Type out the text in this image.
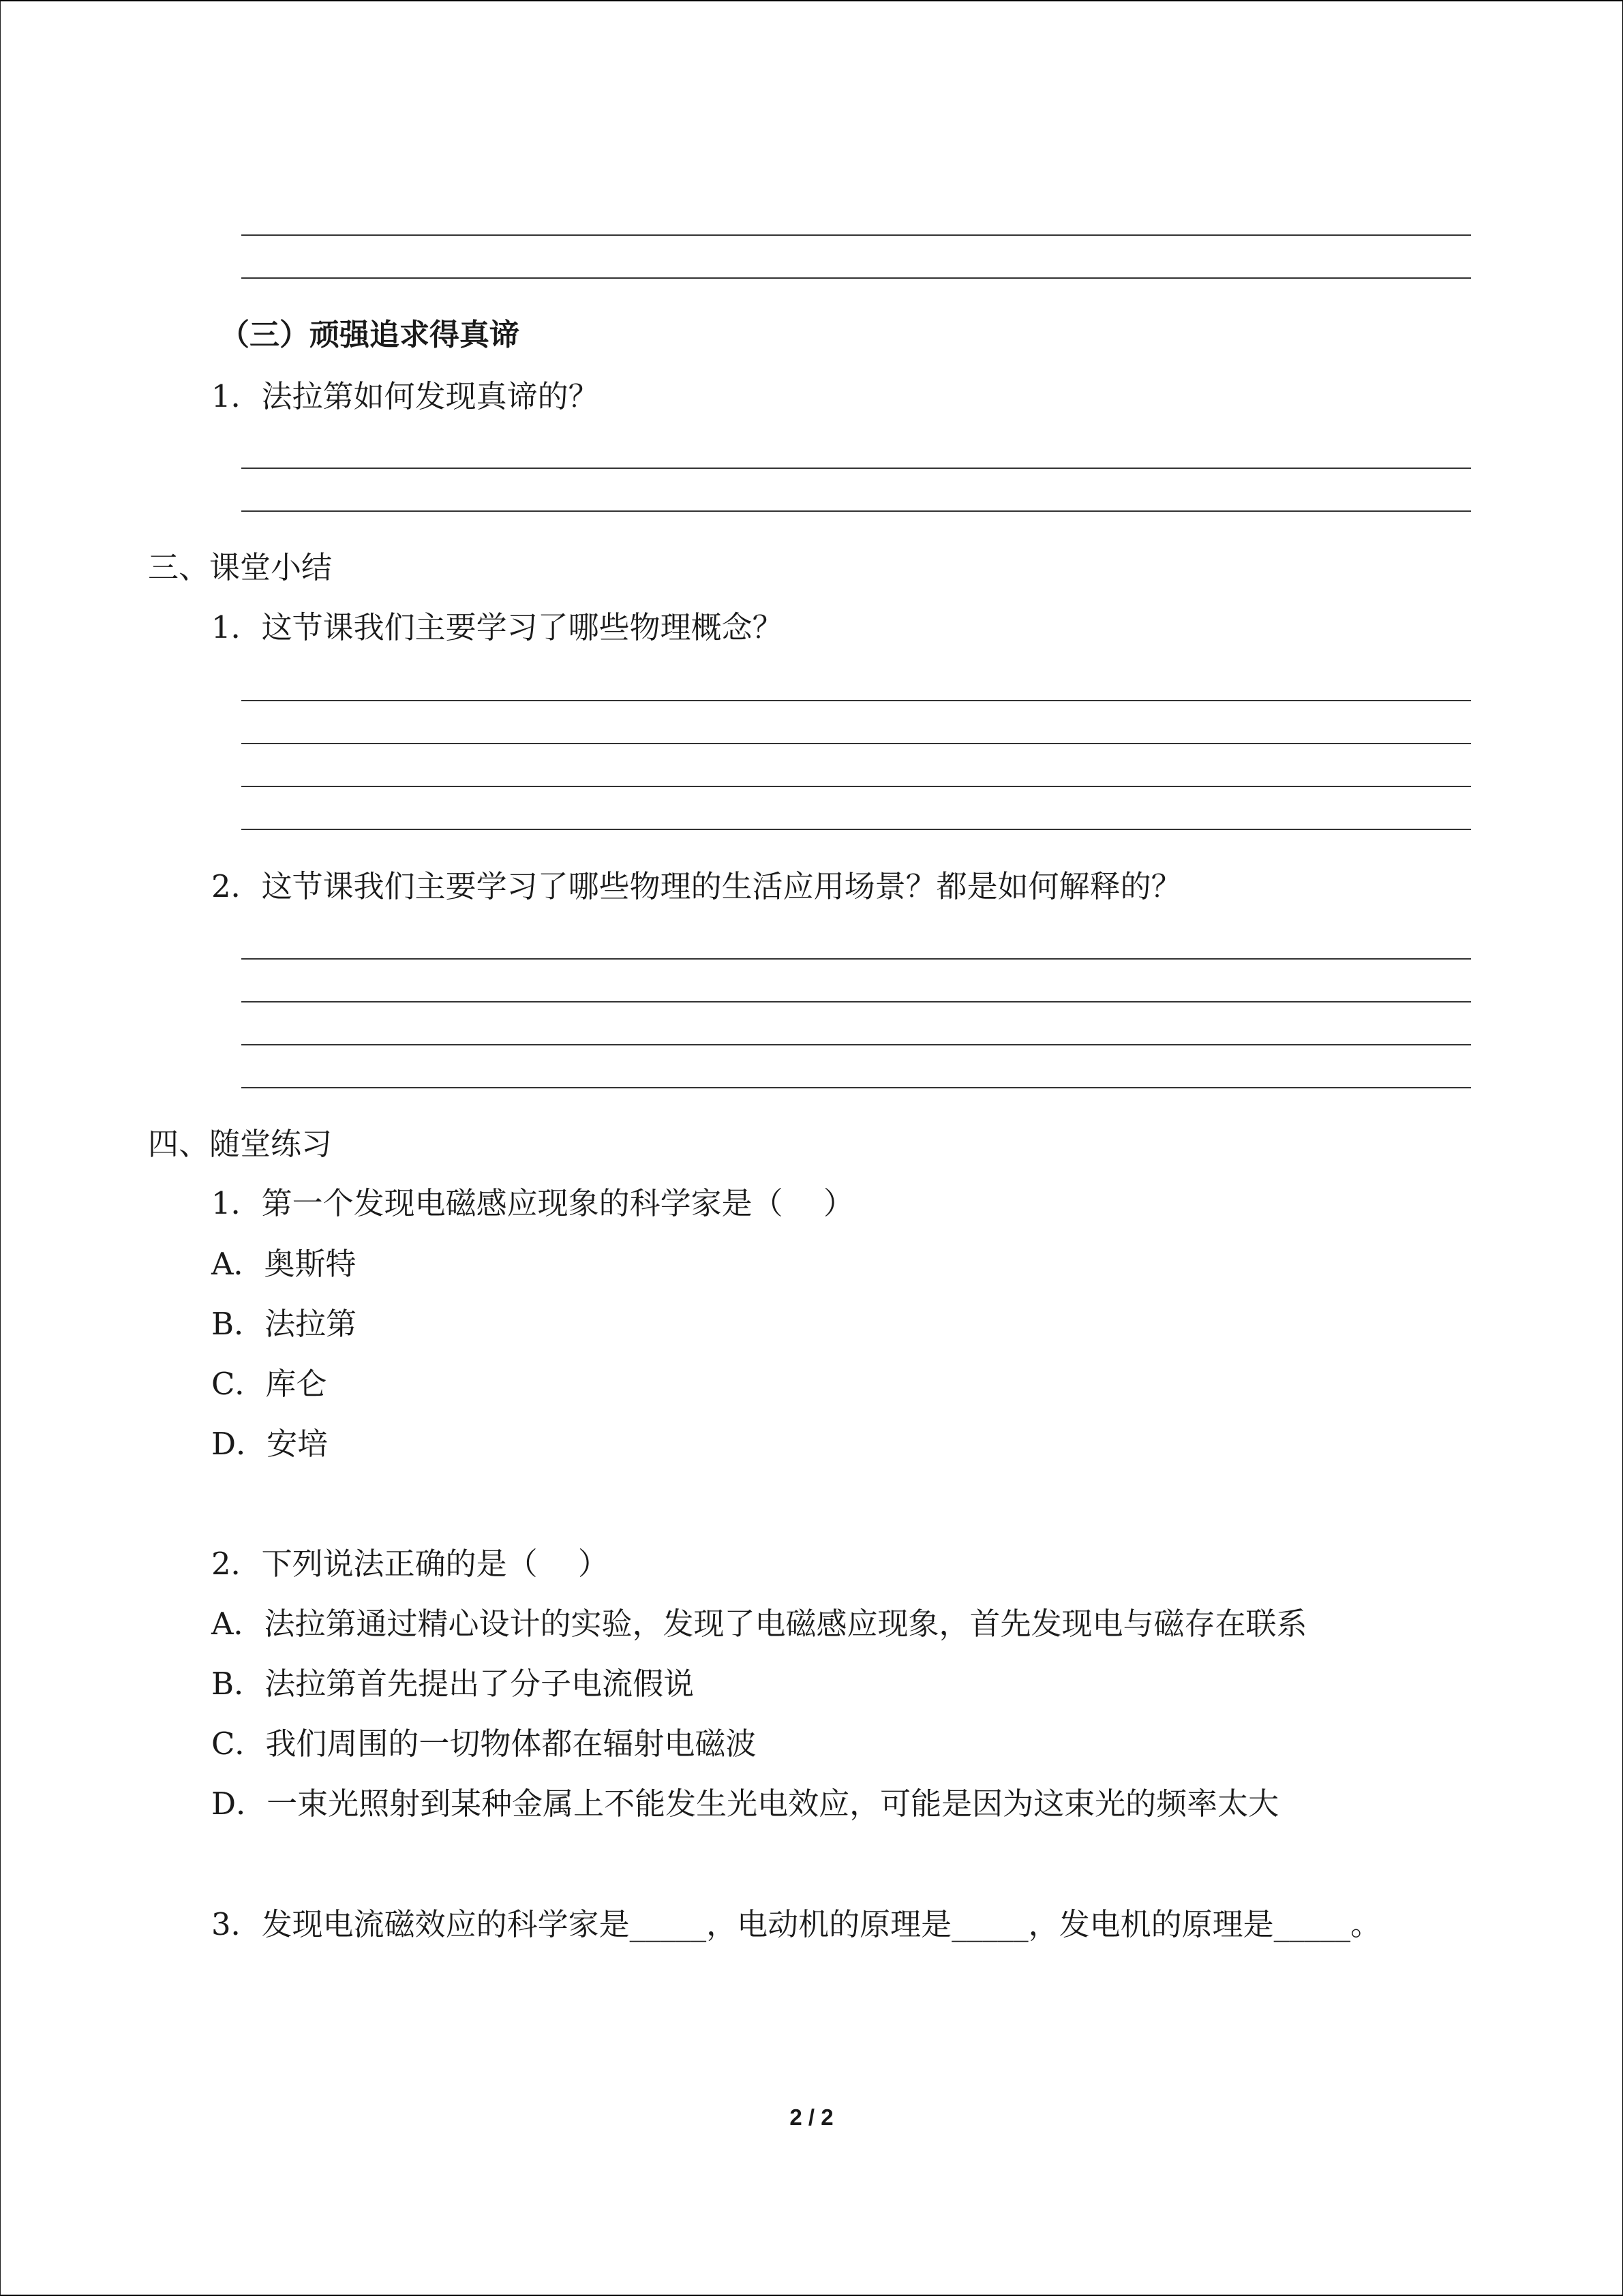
（三）顽强追求得真谛
1．法拉第如何发现真谛的？
三、课堂小结
1．这节课我们主要学习了哪些物理概念？
2．这节课我们主要学习了哪些物理的生活应用场景？都是如何解释的？
四、随堂练习
1．第一个发现电磁感应现象的科学家是（　 ）
A．奥斯特
B．法拉第
C．库仑
D．安培
2．下列说法正确的是（　 ）
A．法拉第通过精心设计的实验，发现了电磁感应现象，首先发现电与磁存在联系
B．法拉第首先提出了分子电流假说
C．我们周围的一切物体都在辐射电磁波
D．一束光照射到某种金属上不能发生光电效应，可能是因为这束光的频率太大
3．发现电流磁效应的科学家是_____，电动机的原理是_____，发电机的原理是_____。
2 / 2
